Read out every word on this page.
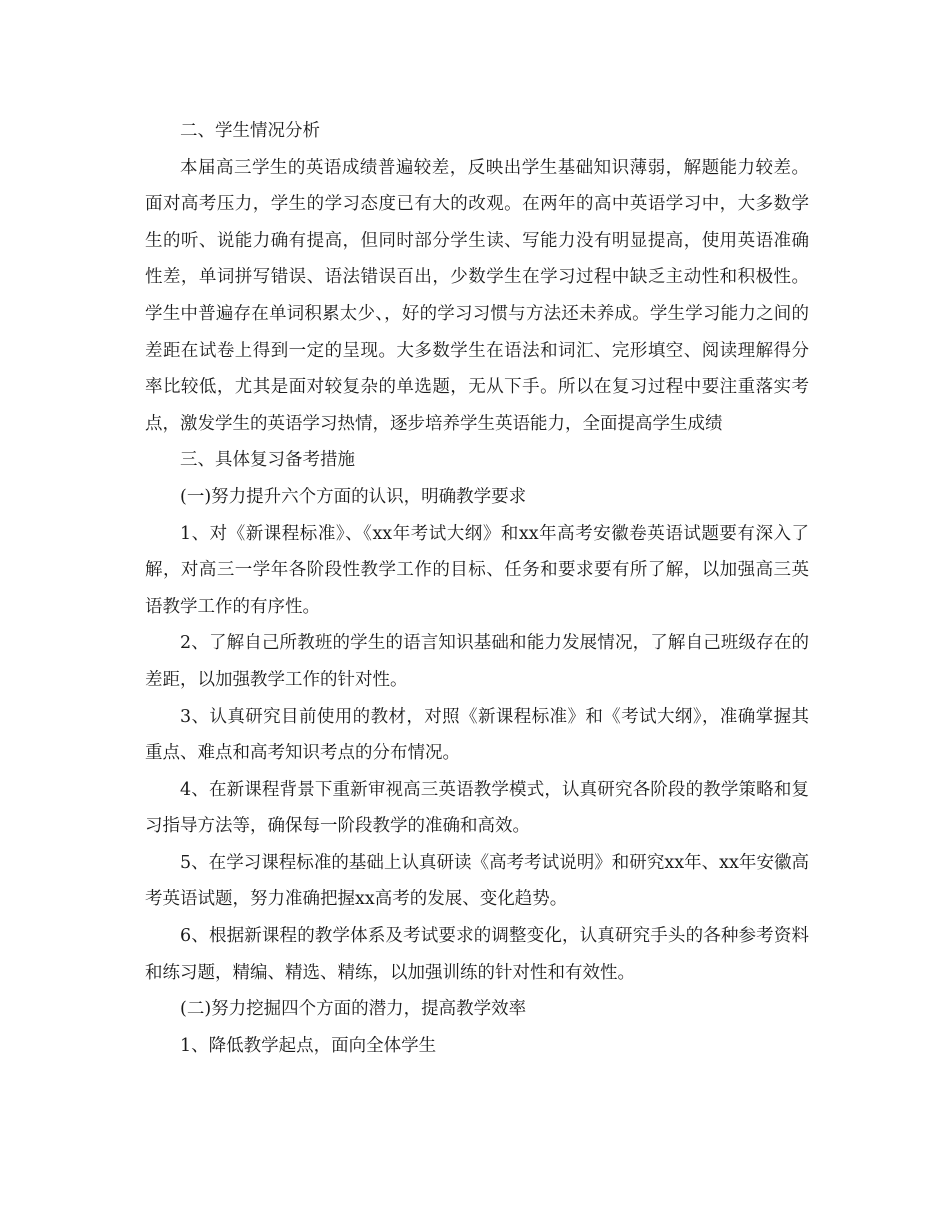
二、学生情况分析

本届高三学生的英语成绩普遍较差，反映出学生基础知识薄弱，解题能力较差。面对高考压力，学生的学习态度已有大的改观。在两年的高中英语学习中，大多数学生的听、说能力确有提高，但同时部分学生读、写能力没有明显提高，使用英语准确性差，单词拼写错误、语法错误百出，少数学生在学习过程中缺乏主动性和积极性。学生中普遍存在单词积累太少、，好的学习习惯与方法还未养成。学生学习能力之间的差距在试卷上得到一定的呈现。大多数学生在语法和词汇、完形填空、阅读理解得分率比较低，尤其是面对较复杂的单选题，无从下手。所以在复习过程中要注重落实考点，激发学生的英语学习热情，逐步培养学生英语能力，全面提高学生成绩

三、具体复习备考措施

(一)努力提升六个方面的认识，明确教学要求

1、对《新课程标准》、《xx年考试大纲》和xx年高考安徽卷英语试题要有深入了解，对高三一学年各阶段性教学工作的目标、任务和要求要有所了解，以加强高三英语教学工作的有序性。

2、了解自己所教班的学生的语言知识基础和能力发展情况，了解自己班级存在的差距，以加强教学工作的针对性。

3、认真研究目前使用的教材，对照《新课程标准》和《考试大纲》，准确掌握其重点、难点和高考知识考点的分布情况。

4、在新课程背景下重新审视高三英语教学模式，认真研究各阶段的教学策略和复习指导方法等，确保每一阶段教学的准确和高效。

5、在学习课程标准的基础上认真研读《高考考试说明》和研究xx年、xx年安徽高考英语试题，努力准确把握xx高考的发展、变化趋势。

6、根据新课程的教学体系及考试要求的调整变化，认真研究手头的各种参考资料和练习题，精编、精选、精练，以加强训练的针对性和有效性。

(二)努力挖掘四个方面的潜力，提高教学效率

1、降低教学起点，面向全体学生
